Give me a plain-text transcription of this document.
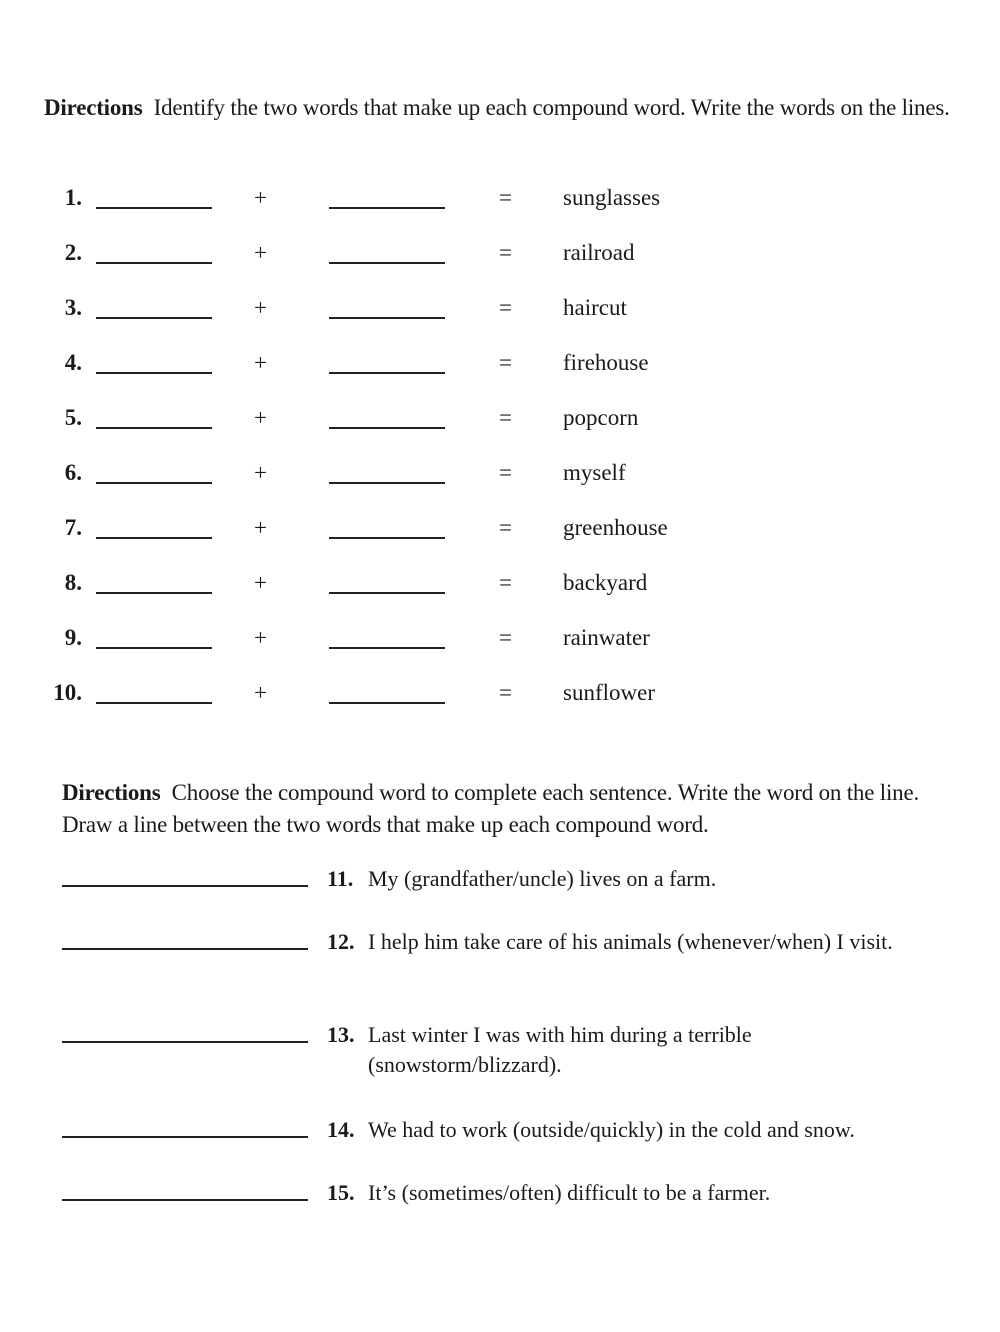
Directions Identify the two words that make up each compound word. Write the words on the lines.
1.	+	= sunglasses
2.	+	= railroad
3.	+	= haircut
4.	+	= firehouse
5.	+	= popcorn
6.	+	= myself
7.	+	= greenhouse
8.	+	= backyard
9.	+	= rainwater
10.	+	= sunflower
Directions Choose the compound word to complete each sentence. Write the word on the line. Draw a line between the two words that make up each compound word.
11. My (grandfather/uncle) lives on a farm.
12. I help him take care of his animals (whenever/when) I visit.
13. Last winter I was with him during a terrible (snowstorm/blizzard).
14. We had to work (outside/quickly) in the cold and snow.
15. It’s (sometimes/often) difficult to be a farmer.
